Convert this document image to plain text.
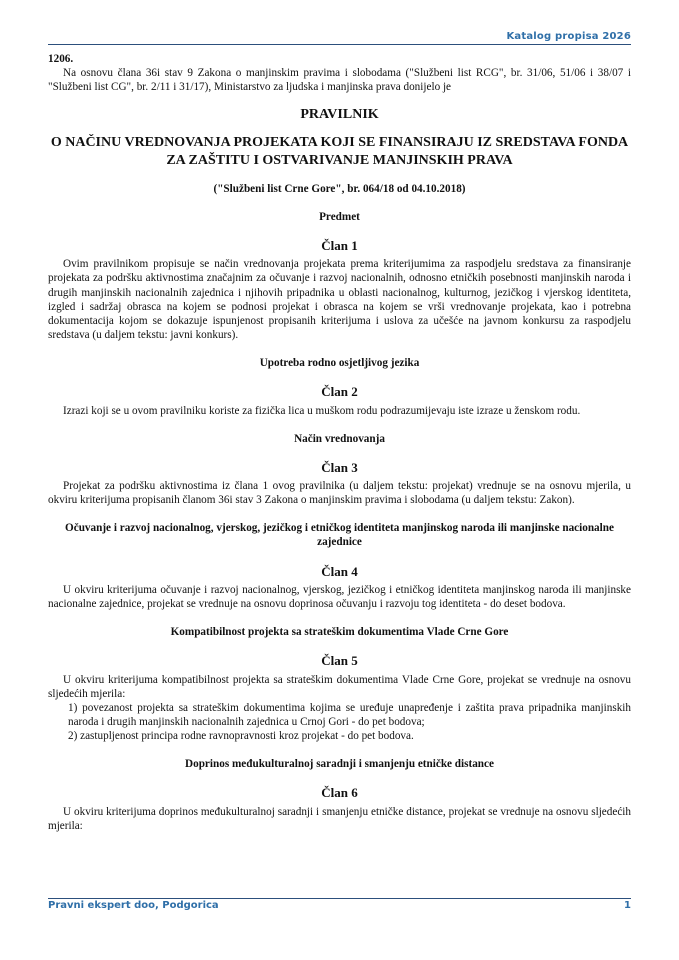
Katalog propisa 2026

1206.

Na osnovu člana 36i stav 9 Zakona o manjinskim pravima i slobodama ("Službeni list RCG", br. 31/06, 51/06 i 38/07 i "Službeni list CG", br. 2/11 i 31/17), Ministarstvo za ljudska i manjinska prava donijelo je

PRAVILNIK

O NAČINU VREDNOVANJA PROJEKATA KOJI SE FINANSIRAJU IZ SREDSTAVA FONDA ZA ZAŠTITU I OSTVARIVANJE MANJINSKIH PRAVA

("Službeni list Crne Gore", br. 064/18 od 04.10.2018)

Predmet

Član 1

Ovim pravilnikom propisuje se način vrednovanja projekata prema kriterijumima za raspodjelu sredstava za finansiranje projekata za podršku aktivnostima značajnim za očuvanje i razvoj nacionalnih, odnosno etničkih posebnosti manjinskih naroda i drugih manjinskih nacionalnih zajednica i njihovih pripadnika u oblasti nacionalnog, kulturnog, jezičkog i vjerskog identiteta, izgled i sadržaj obrasca na kojem se podnosi projekat i obrasca na kojem se vrši vrednovanje projekata, kao i potrebna dokumentacija kojom se dokazuje ispunjenost propisanih kriterijuma i uslova za učešće na javnom konkursu za raspodjelu sredstava (u daljem tekstu: javni konkurs).

Upotreba rodno osjetljivog jezika

Član 2

Izrazi koji se u ovom pravilniku koriste za fizička lica u muškom rodu podrazumijevaju iste izraze u ženskom rodu.

Način vrednovanja

Član 3

Projekat za podršku aktivnostima iz člana 1 ovog pravilnika (u daljem tekstu: projekat) vrednuje se na osnovu mjerila, u okviru kriterijuma propisanih članom 36i stav 3 Zakona o manjinskim pravima i slobodama (u daljem tekstu: Zakon).

Očuvanje i razvoj nacionalnog, vjerskog, jezičkog i etničkog identiteta manjinskog naroda ili manjinske nacionalne zajednice

Član 4

U okviru kriterijuma očuvanje i razvoj nacionalnog, vjerskog, jezičkog i etničkog identiteta manjinskog naroda ili manjinske nacionalne zajednice, projekat se vrednuje na osnovu doprinosa očuvanju i razvoju tog identiteta - do deset bodova.

Kompatibilnost projekta sa strateškim dokumentima Vlade Crne Gore

Član 5

U okviru kriterijuma kompatibilnost projekta sa strateškim dokumentima Vlade Crne Gore, projekat se vrednuje na osnovu sljedećih mjerila:

1) povezanost projekta sa strateškim dokumentima kojima se uređuje unapređenje i zaštita prava pripadnika manjinskih naroda i drugih manjinskih nacionalnih zajednica u Crnoj Gori - do pet bodova;

2) zastupljenost principa rodne ravnopravnosti kroz projekat - do pet bodova.

Doprinos međukulturalnoj saradnji i smanjenju etničke distance

Član 6

U okviru kriterijuma doprinos međukulturalnoj saradnji i smanjenju etničke distance, projekat se vrednuje na osnovu sljedećih mjerila:

Pravni ekspert doo, Podgorica	1
